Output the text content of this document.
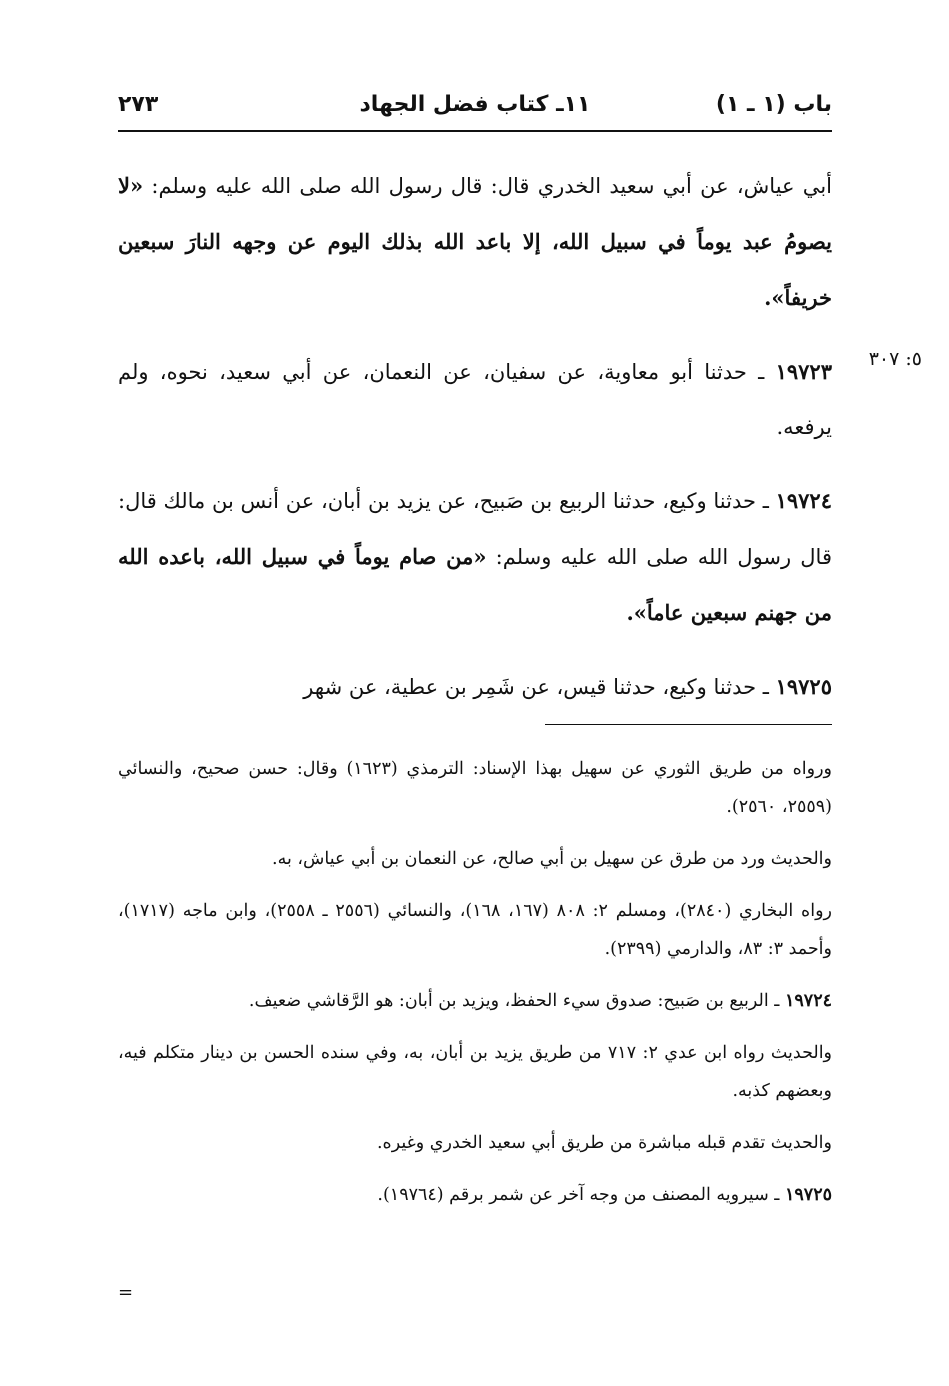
باب (١ ـ ١)
١١ـ كتاب فضل الجهاد
٢٧٣
٥: ٣٠٧

أبي عياش، عن أبي سعيد الخدري قال: قال رسول الله صلى الله عليه وسلم: «لا يصومُ عبد يوماً في سبيل الله، إلا باعد الله بذلك اليوم عن وجهه النارَ سبعين خريفاً».

١٩٧٢٣ ـ حدثنا أبو معاوية، عن سفيان، عن النعمان، عن أبي سعيد، نحوه، ولم يرفعه.

١٩٧٢٤ ـ حدثنا وكيع، حدثنا الربيع بن صَبيح، عن يزيد بن أبان، عن أنس بن مالك قال: قال رسول الله صلى الله عليه وسلم: «من صام يوماً في سبيل الله، باعده الله من جهنم سبعين عاماً».

١٩٧٢٥ ـ حدثنا وكيع، حدثنا قيس، عن شَمِر بن عطية، عن شهر

ورواه من طريق الثوري عن سهيل بهذا الإسناد: الترمذي (١٦٢٣) وقال: حسن صحيح، والنسائي (٢٥٥٩، ٢٥٦٠).

والحديث ورد من طرق عن سهيل بن أبي صالح، عن النعمان بن أبي عياش، به.

رواه البخاري (٢٨٤٠)، ومسلم ٢: ٨٠٨ (١٦٧، ١٦٨)، والنسائي (٢٥٥٦ ـ ٢٥٥٨)، وابن ماجه (١٧١٧)، وأحمد ٣: ٨٣، والدارمي (٢٣٩٩).

١٩٧٢٤ ـ الربيع بن صَبيح: صدوق سيء الحفظ، ويزيد بن أبان: هو الرَّقاشي ضعيف.

والحديث رواه ابن عدي ٢: ٧١٧ من طريق يزيد بن أبان، به، وفي سنده الحسن بن دينار متكلم فيه، وبعضهم كذبه.

والحديث تقدم قبله مباشرة من طريق أبي سعيد الخدري وغيره.

١٩٧٢٥ ـ سيرويه المصنف من وجه آخر عن شمر برقم (١٩٧٦٤).

=
